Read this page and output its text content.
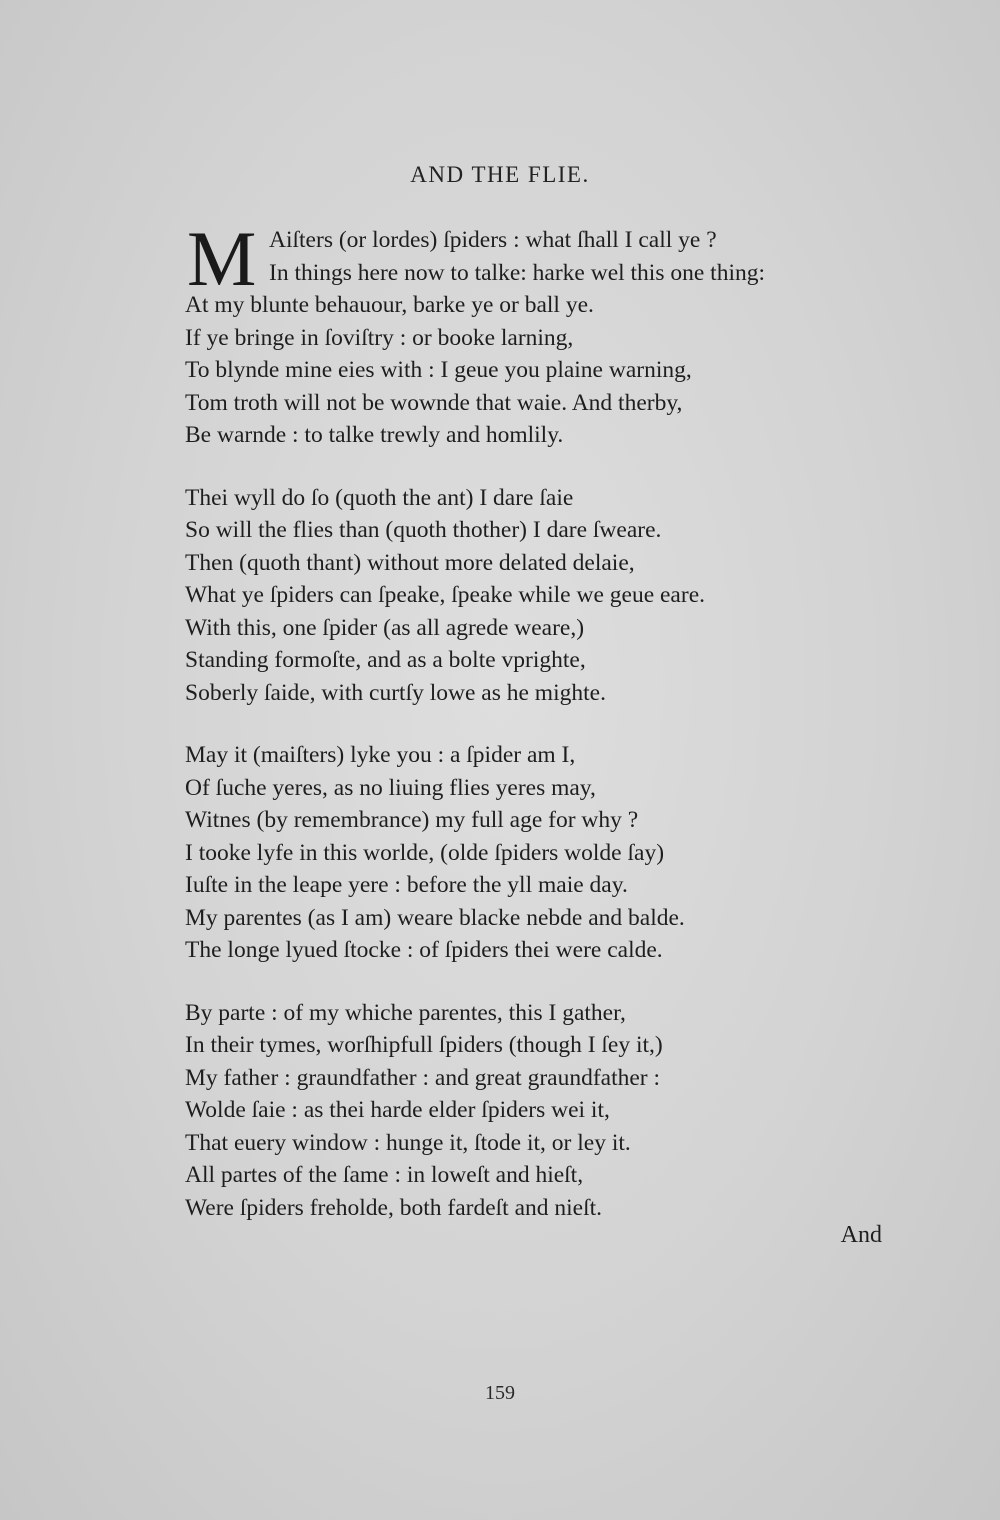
AND THE FLIE.
M Aiſters (or lordes) ſpiders : what ſhall I call ye ?
In things here now to talke: harke wel this one thing:
At my blunte behauour, barke ye or ball ye.
If ye bringe in ſoviſtry : or booke larning,
To blynde mine eies with : I geue you plaine warning,
Tom troth will not be wownde that waie. And therby,
Be warnde : to talke trewly and homlily.
Thei wyll do ſo (quoth the ant) I dare ſaie
So will the flies than (quoth thother) I dare ſweare.
Then (quoth thant) without more delated delaie,
What ye ſpiders can ſpeake, ſpeake while we geue eare.
With this, one ſpider (as all agrede weare,)
Standing formoſte, and as a bolte vprighte,
Soberly ſaide, with curtſy lowe as he mighte.
May it (maiſters) lyke you : a ſpider am I,
Of ſuche yeres, as no liuing flies yeres may,
Witnes (by remembrance) my full age for why ?
I tooke lyfe in this worlde, (olde ſpiders wolde ſay)
Iuſte in the leape yere : before the yll maie day.
My parentes (as I am) weare blacke nebde and balde.
The longe lyued ſtocke : of ſpiders thei were calde.
By parte : of my whiche parentes, this I gather,
In their tymes, worſhipfull ſpiders (though I ſey it,)
My father : graundfather : and great graundfather :
Wolde ſaie : as thei harde elder ſpiders wei it,
That euery window : hunge it, ſtode it, or ley it.
All partes of the ſame : in loweſt and hieſt,
Were ſpiders freholde, both fardeſt and nieſt.
And
159
